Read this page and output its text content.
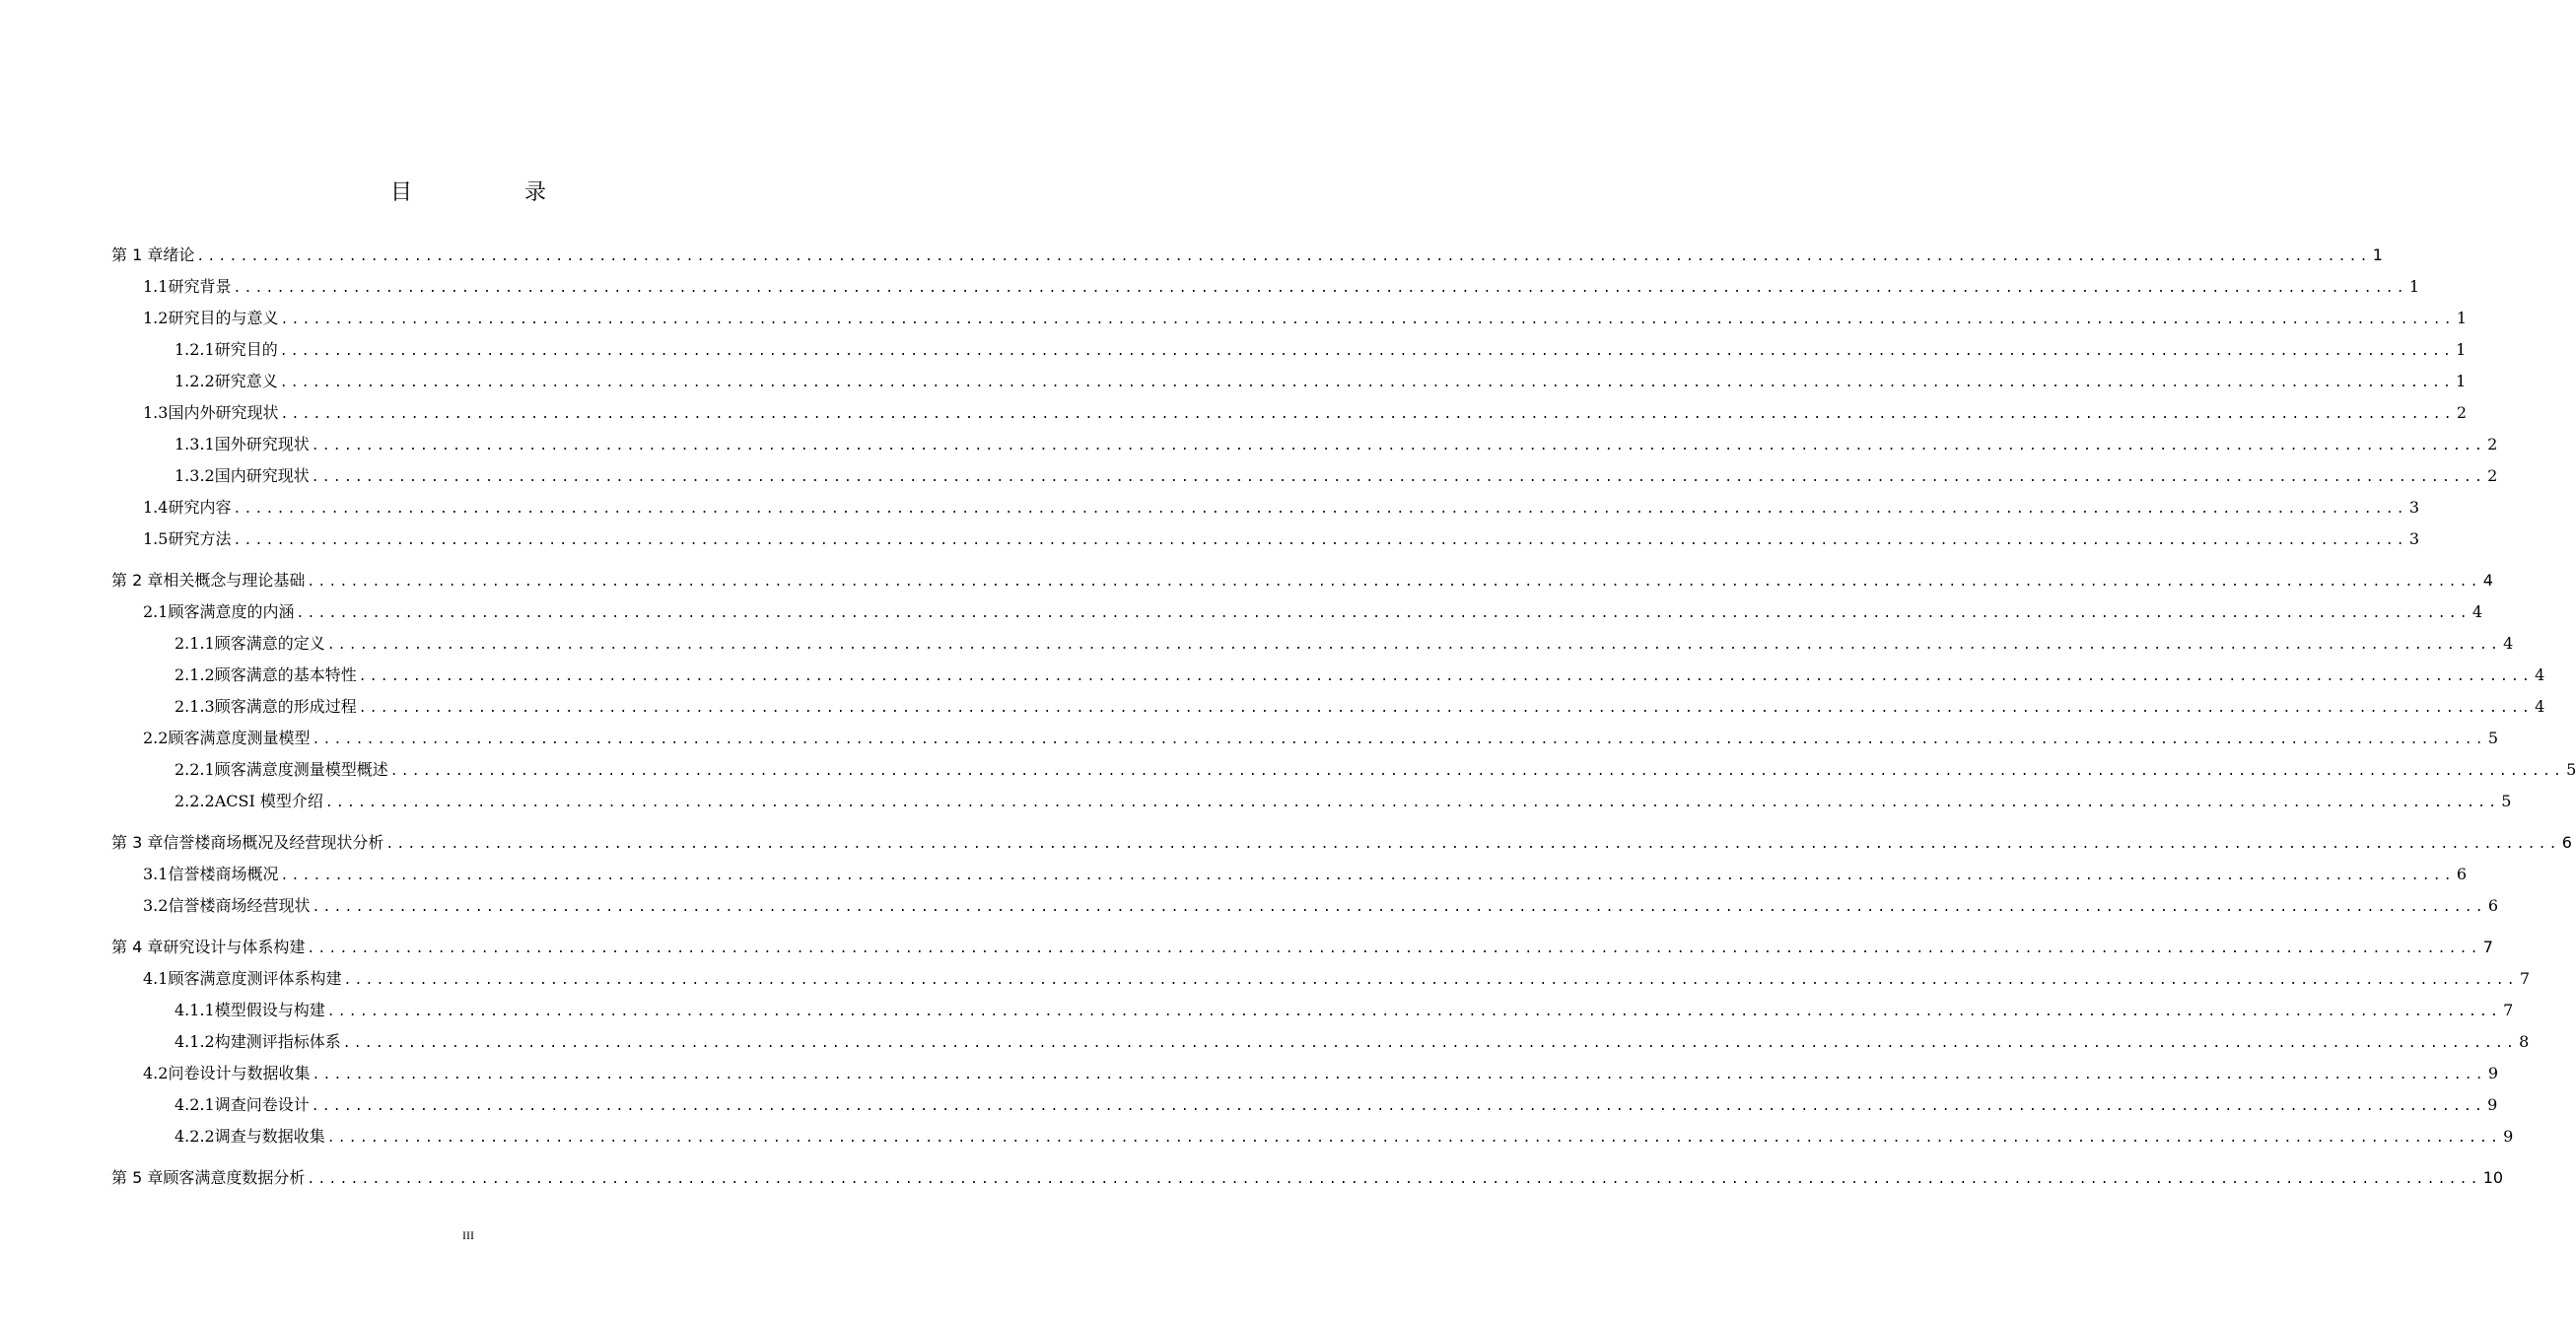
目　录
第 1 章 绪论 ........................................................................................................................................................................................................ 1
1.1 研究背景 ........................................................................................................................................................................................................ 1
1.2 研究目的与意义 ........................................................................................................................................................................................................ 1
1.2.1 研究目的 ........................................................................................................................................................................................................ 1
1.2.2 研究意义 ........................................................................................................................................................................................................ 1
1.3 国内外研究现状 ........................................................................................................................................................................................................ 2
1.3.1 国外研究现状 ........................................................................................................................................................................................................ 2
1.3.2 国内研究现状 ........................................................................................................................................................................................................ 2
1.4 研究内容 ........................................................................................................................................................................................................ 3
1.5 研究方法 ........................................................................................................................................................................................................ 3
第 2 章 相关概念与理论基础 ........................................................................................................................................................................................................ 4
2.1 顾客满意度的内涵 ........................................................................................................................................................................................................ 4
2.1.1 顾客满意的定义 ........................................................................................................................................................................................................ 4
2.1.2 顾客满意的基本特性 ........................................................................................................................................................................................................ 4
2.1.3 顾客满意的形成过程 ........................................................................................................................................................................................................ 4
2.2 顾客满意度测量模型 ........................................................................................................................................................................................................ 5
2.2.1 顾客满意度测量模型概述 ........................................................................................................................................................................................................ 5
2.2.2 ACSI 模型介绍 ........................................................................................................................................................................................................ 5
第 3 章 信誉楼商场概况及经营现状分析 ........................................................................................................................................................................................................ 6
3.1 信誉楼商场概况 ........................................................................................................................................................................................................ 6
3.2 信誉楼商场经营现状 ........................................................................................................................................................................................................ 6
第 4 章 研究设计与体系构建 ........................................................................................................................................................................................................ 7
4.1 顾客满意度测评体系构建 ........................................................................................................................................................................................................ 7
4.1.1 模型假设与构建 ........................................................................................................................................................................................................ 7
4.1.2 构建测评指标体系 ........................................................................................................................................................................................................ 8
4.2 问卷设计与数据收集 ........................................................................................................................................................................................................ 9
4.2.1 调查问卷设计 ........................................................................................................................................................................................................ 9
4.2.2 调查与数据收集 ........................................................................................................................................................................................................ 9
第 5 章 顾客满意度数据分析 ........................................................................................................................................................................................................ 10
III
